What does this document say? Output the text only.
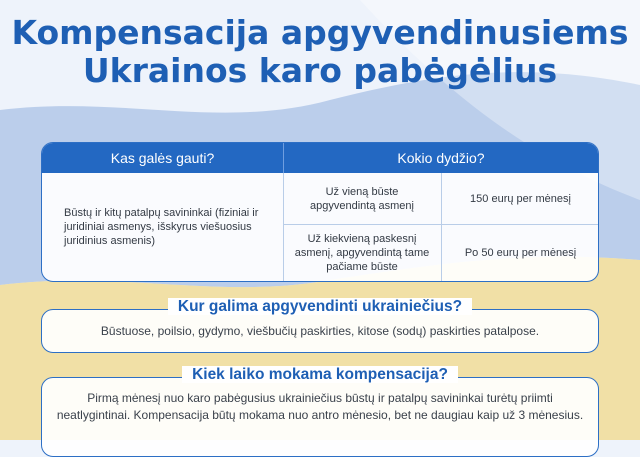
Kompensacija apgyvendinusiems
Ukrainos karo pabėgėlius
Kas galės gauti?	Kokio dydžio?
Būstų ir kitų patalpų savininkai (fiziniai ir juridiniai asmenys, išskyrus viešuosius juridinius asmenis)
Už vieną būste apgyvendintą asmenį
150 eurų per mėnesį
Už kiekvieną paskesnį asmenį, apgyvendintą tame pačiame būste
Po 50 eurų per mėnesį
Kur galima apgyvendinti ukrainiečius?
Būstuose, poilsio, gydymo, viešbučių paskirties, kitose (sodų) paskirties patalpose.
Kiek laiko mokama kompensacija?
Pirmą mėnesį nuo karo pabėgusius ukrainiečius būstų ir patalpų savininkai turėtų priimti neatlygintinai. Kompensacija būtų mokama nuo antro mėnesio, bet ne daugiau kaip už 3 mėnesius.
